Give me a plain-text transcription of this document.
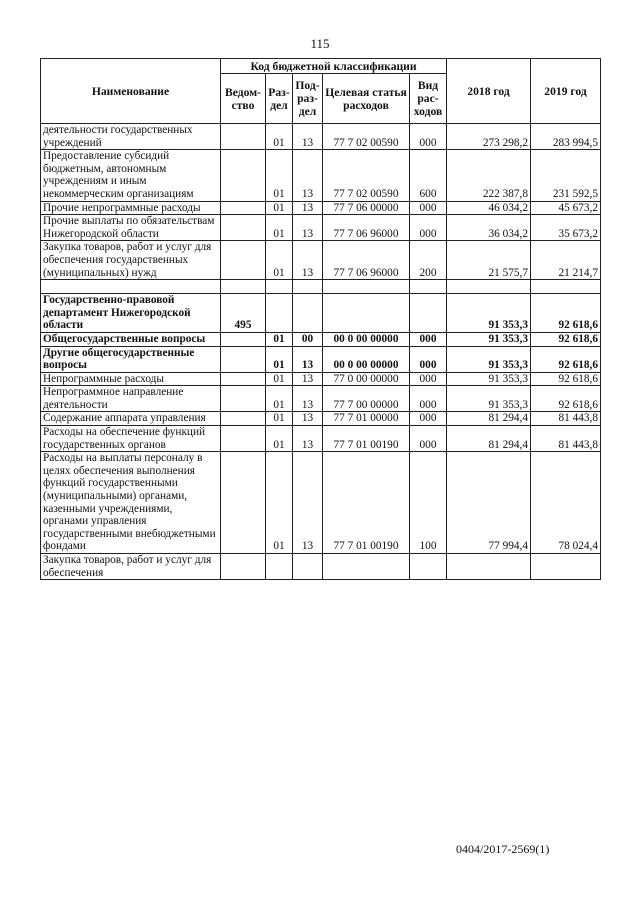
115
Наименование	Код бюджетной классификации					2018 год	2019 год
	Ведом-ство	Раз-дел	Под-раз-дел	Целевая статья расходов	Вид рас-ходов		
деятельности государственных учреждений		01	13	77 7 02 00590	000	273 298,2	283 994,5
Предоставление субсидий бюджетным, автономным учреждениям и иным некоммерческим организациям		01	13	77 7 02 00590	600	222 387,8	231 592,5
Прочие непрограммные расходы		01	13	77 7 06 00000	000	46 034,2	45 673,2
Прочие выплаты по обязательствам Нижегородской области		01	13	77 7 06 96000	000	36 034,2	35 673,2
Закупка товаров, работ и услуг для обеспечения государственных (муниципальных) нужд		01	13	77 7 06 96000	200	21 575,7	21 214,7

Государственно-правовой департамент Нижегородской области	495					91 353,3	92 618,6
Общегосударственные вопросы		01	00	00 0 00 00000	000	91 353,3	92 618,6
Другие общегосударственные вопросы		01	13	00 0 00 00000	000	91 353,3	92 618,6
Непрограммные расходы		01	13	77 0 00 00000	000	91 353,3	92 618,6
Непрограммное направление деятельности		01	13	77 7 00 00000	000	91 353,3	92 618,6
Содержание аппарата управления		01	13	77 7 01 00000	000	81 294,4	81 443,8
Расходы на обеспечение функций государственных органов		01	13	77 7 01 00190	000	81 294,4	81 443,8
Расходы на выплаты персоналу в целях обеспечения выполнения функций государственными (муниципальными) органами, казенными учреждениями, органами управления государственными внебюджетными фондами		01	13	77 7 01 00190	100	77 994,4	78 024,4
Закупка товаров, работ и услуг для обеспечения							
0404/2017-2569(1)
